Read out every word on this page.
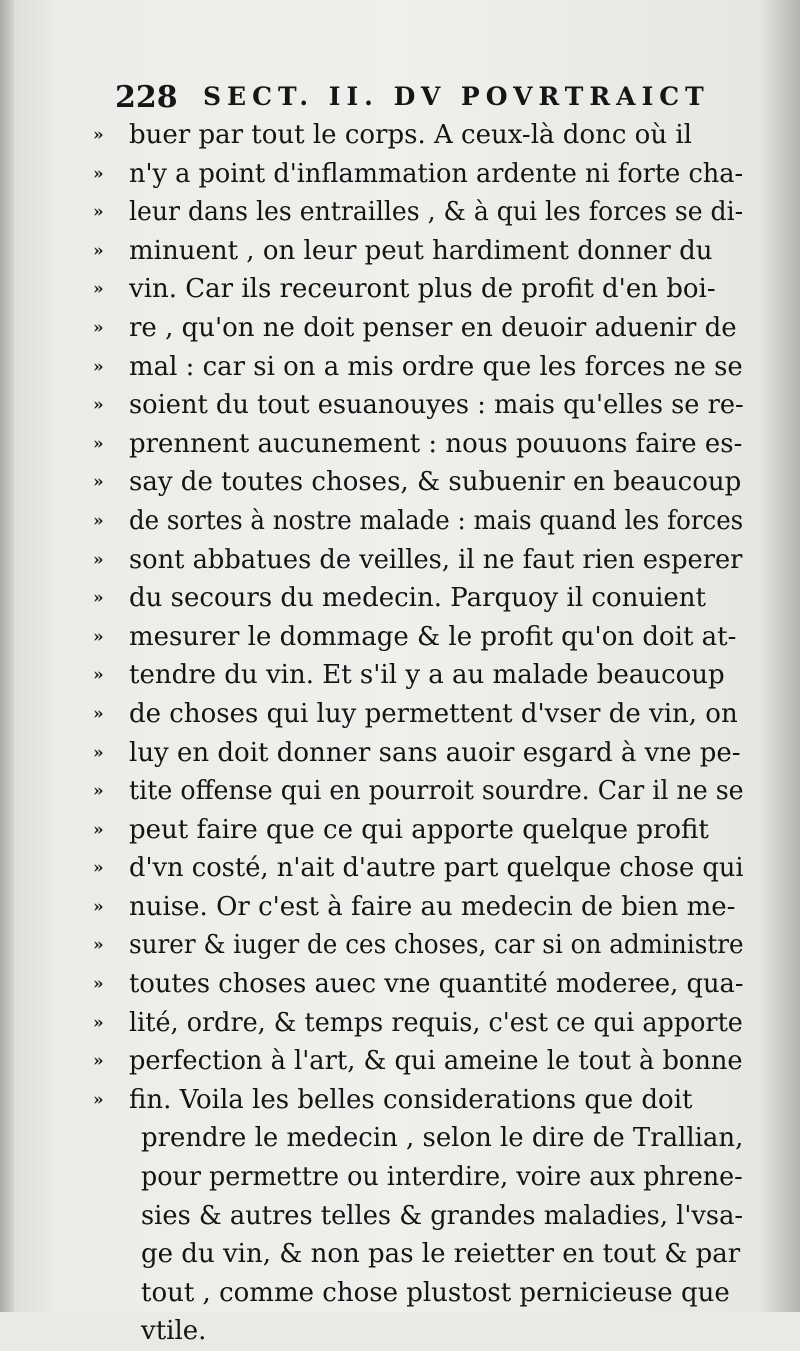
228 SECT. II. DV POVRTRAICT
» buer par tout le corps. A ceux-là donc où il
» n'y a point d'inflammation ardente ni forte cha-
» leur dans les entrailles , & à qui les forces se di-
» minuent , on leur peut hardiment donner du
» vin. Car ils receuront plus de profit d'en boi-
» re , qu'on ne doit penser en deuoir aduenir de
» mal : car si on a mis ordre que les forces ne se
» soient du tout esuanouyes : mais qu'elles se re-
» prennent aucunement : nous pouuons faire es-
» say de toutes choses, & subuenir en beaucoup
» de sortes à nostre malade : mais quand les forces
» sont abbatues de veilles, il ne faut rien esperer
» du secours du medecin. Parquoy il conuient
» mesurer le dommage & le profit qu'on doit at-
» tendre du vin. Et s'il y a au malade beaucoup
» de choses qui luy permettent d'vser de vin, on
» luy en doit donner sans auoir esgard à vne pe-
» tite offense qui en pourroit sourdre. Car il ne se
» peut faire que ce qui apporte quelque profit
» d'vn costé, n'ait d'autre part quelque chose qui
» nuise. Or c'est à faire au medecin de bien me-
» surer & iuger de ces choses, car si on administre
» toutes choses auec vne quantité moderee, qua-
» lité, ordre, & temps requis, c'est ce qui apporte
» perfection à l'art, & qui ameine le tout à bonne
» fin. Voila les belles considerations que doit
prendre le medecin , selon le dire de Trallian,
pour permettre ou interdire, voire aux phrene-
sies & autres telles & grandes maladies, l'vsa-
ge du vin, & non pas le reietter en tout & par
tout , comme chose plustost pernicieuse que
vtile.
